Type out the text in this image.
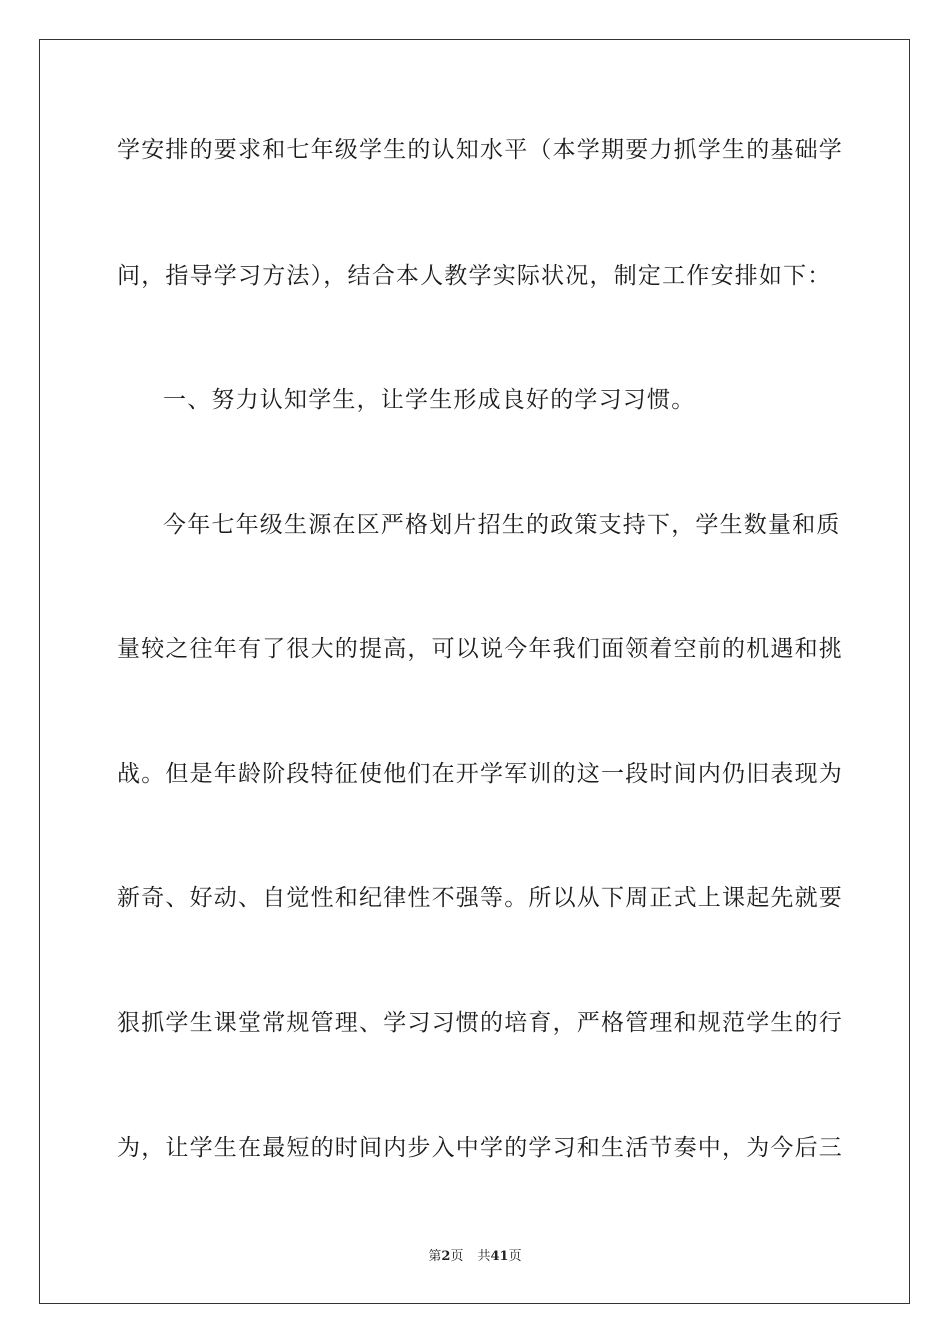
学安排的要求和七年级学生的认知水平（本学期要力抓学生的基础学
问，指导学习方法），结合本人教学实际状况，制定工作安排如下：
一、努力认知学生，让学生形成良好的学习习惯。
今年七年级生源在区严格划片招生的政策支持下，学生数量和质
量较之往年有了很大的提高，可以说今年我们面领着空前的机遇和挑
战。但是年龄阶段特征使他们在开学军训的这一段时间内仍旧表现为
新奇、好动、自觉性和纪律性不强等。所以从下周正式上课起先就要
狠抓学生课堂常规管理、学习习惯的培育，严格管理和规范学生的行
为，让学生在最短的时间内步入中学的学习和生活节奏中，为今后三
第2页 共41页
